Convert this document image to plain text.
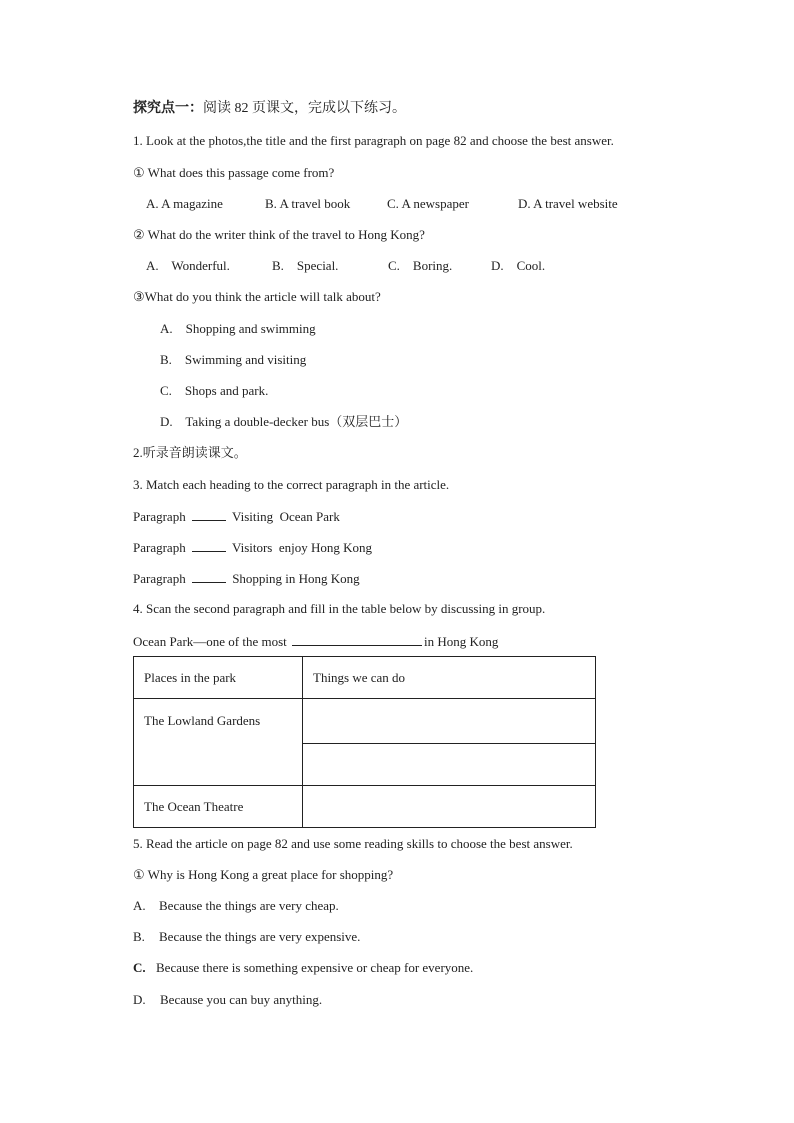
探究点一：阅读 82 页课文，完成以下练习。
1. Look at the photos,the title and the first paragraph on page 82 and choose the best answer.
① What does this passage come from?
A. A magazine	B. A travel book	C. A newspaper	D. A travel website
② What do the writer think of the travel to Hong Kong?
A.    Wonderful.	B.    Special.	C.    Boring.	D.    Cool.
③What do you think the article will talk about?
A.    Shopping and swimming
B.    Swimming and visiting
C.    Shops and park.
D.    Taking a double-decker bus（双层巴士）
2.听录音朗读课文。
3. Match each heading to the correct paragraph in the article.
Paragraph	Visiting  Ocean Park
Paragraph	Visitors  enjoy Hong Kong
Paragraph	Shopping in Hong Kong
4. Scan the second paragraph and fill in the table below by discussing in group.
Ocean Park—one of the most	in Hong Kong
Places in the park	Things we can do
The Lowland Gardens	

The Ocean Theatre	
5. Read the article on page 82 and use some reading skills to choose the best answer.
① Why is Hong Kong a great place for shopping?
A. Because the things are very cheap.
B. Because the things are very expensive.
C. Because there is something expensive or cheap for everyone.
D. Because you can buy anything.
